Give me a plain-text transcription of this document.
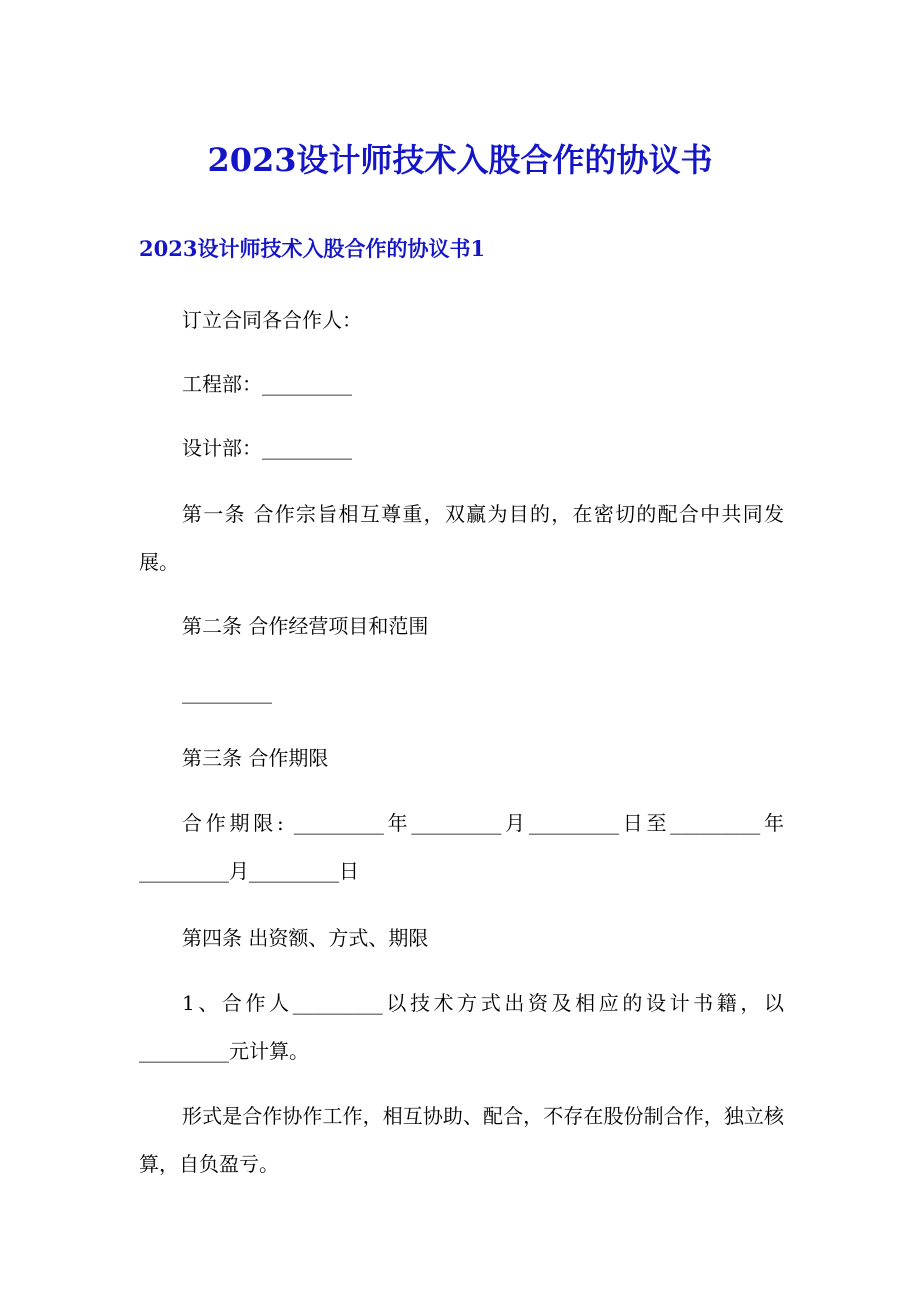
2023设计师技术入股合作的协议书
2023设计师技术入股合作的协议书1

订立合同各合作人：

工程部：_________

设计部：_________

第一条 合作宗旨相互尊重，双赢为目的，在密切的配合中共同发展。

第二条 合作经营项目和范围

_________

第三条 合作期限

合作期限: _________年_________月_________日至_________年_________月_________日

第四条 出资额、方式、期限

1、合作人_________以技术方式出资及相应的设计书籍，以_________元计算。

形式是合作协作工作，相互协助、配合，不存在股份制合作，独立核算，自负盈亏。
